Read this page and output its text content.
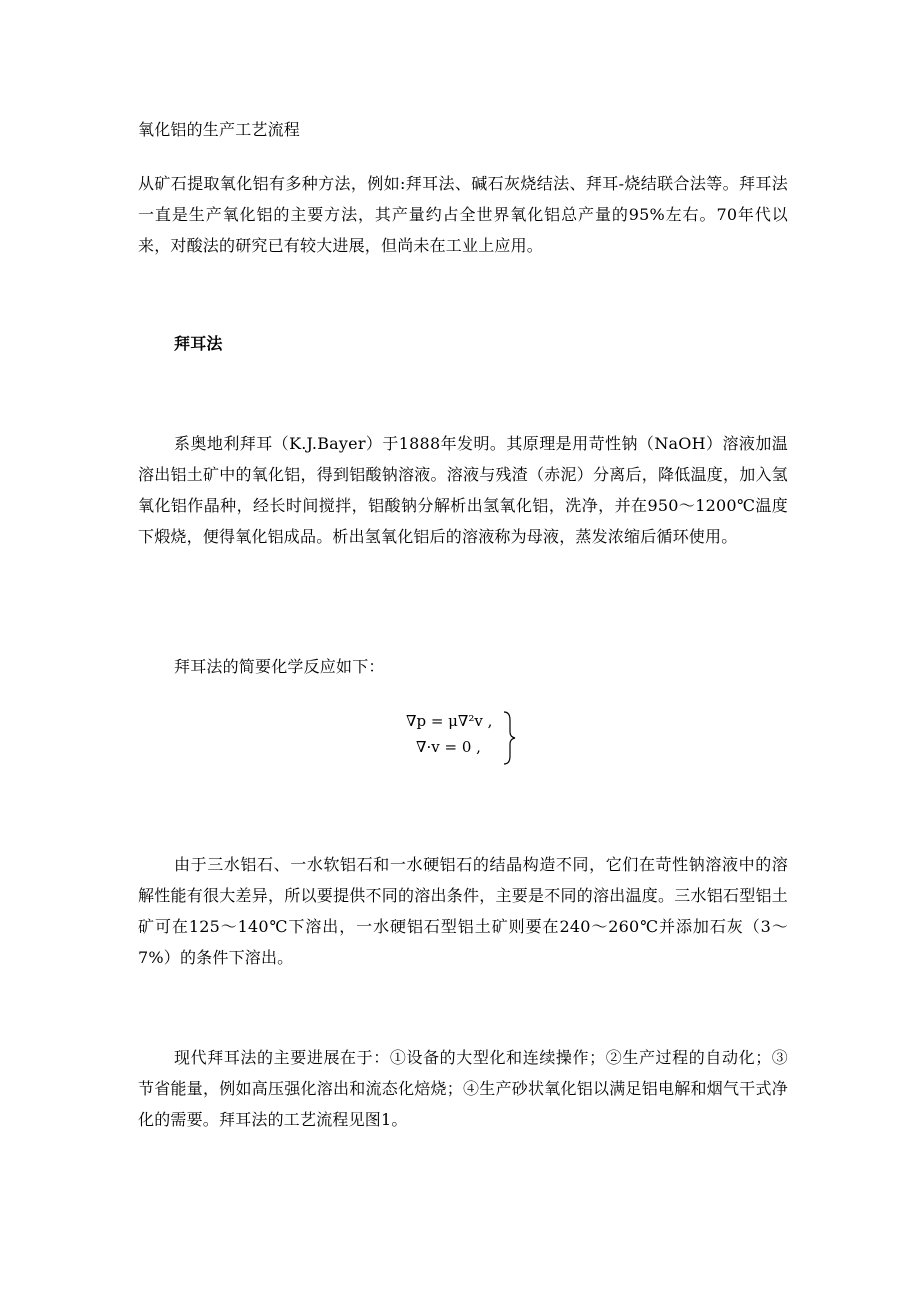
氧化铝的生产工艺流程
从矿石提取氧化铝有多种方法，例如:拜耳法、碱石灰烧结法、拜耳-烧结联合法等。拜耳法一直是生产氧化铝的主要方法，其产量约占全世界氧化铝总产量的95%左右。70年代以来，对酸法的研究已有较大进展，但尚未在工业上应用。
拜耳法
系奥地利拜耳（K.J.Bayer）于1888年发明。其原理是用苛性钠（NaOH）溶液加温溶出铝土矿中的氧化铝，得到铝酸钠溶液。溶液与残渣（赤泥）分离后，降低温度，加入氢氧化铝作晶种，经长时间搅拌，铝酸钠分解析出氢氧化铝，洗净，并在950～1200℃温度下煅烧，便得氧化铝成品。析出氢氧化铝后的溶液称为母液，蒸发浓缩后循环使用。
拜耳法的简要化学反应如下：
∇p = μ∇²v ,
∇·v = 0 ,
由于三水铝石、一水软铝石和一水硬铝石的结晶构造不同，它们在苛性钠溶液中的溶解性能有很大差异，所以要提供不同的溶出条件，主要是不同的溶出温度。三水铝石型铝土矿可在125～140℃下溶出，一水硬铝石型铝土矿则要在240～260℃并添加石灰（3～7%）的条件下溶出。
现代拜耳法的主要进展在于：①设备的大型化和连续操作；②生产过程的自动化；③节省能量，例如高压强化溶出和流态化焙烧；④生产砂状氧化铝以满足铝电解和烟气干式净化的需要。拜耳法的工艺流程见图1。
